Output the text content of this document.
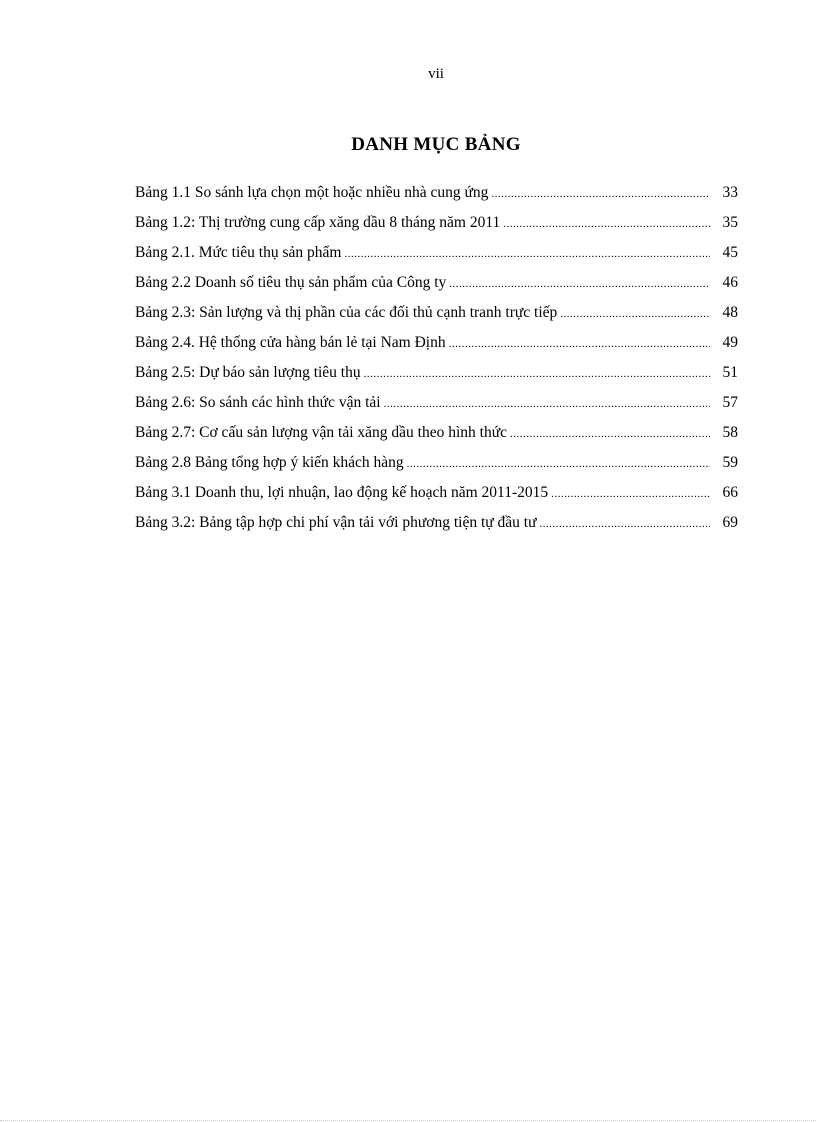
vii
DANH MỤC BẢNG
Bảng 1.1 So sánh lựa chọn một hoặc nhiều nhà cung ứng .....	33
Bảng 1.2: Thị trường cung cấp xăng dầu 8 tháng năm 2011 .....	35
Bảng 2.1. Mức tiêu thụ sản phẩm .....	45
Bảng 2.2 Doanh số tiêu thụ sản phẩm của Công ty .....	46
Bảng 2.3: Sản lượng và thị phần của các đối thủ cạnh tranh trực tiếp .....	48
Bảng 2.4. Hệ thống cửa hàng bán lẻ tại Nam Định .....	49
Bảng 2.5: Dự báo sản lượng tiêu thụ .....	51
Bảng 2.6: So sánh các hình thức vận tải .....	57
Bảng 2.7: Cơ cấu sản lượng vận tải xăng dầu theo hình thức .....	58
Bảng 2.8 Bảng tổng hợp ý kiến khách hàng .....	59
Bảng 3.1 Doanh thu, lợi nhuận, lao động kế hoạch năm 2011-2015 .....	66
Bảng 3.2: Bảng tập hợp chi phí vận tải với phương tiện tự đầu tư .....	69
